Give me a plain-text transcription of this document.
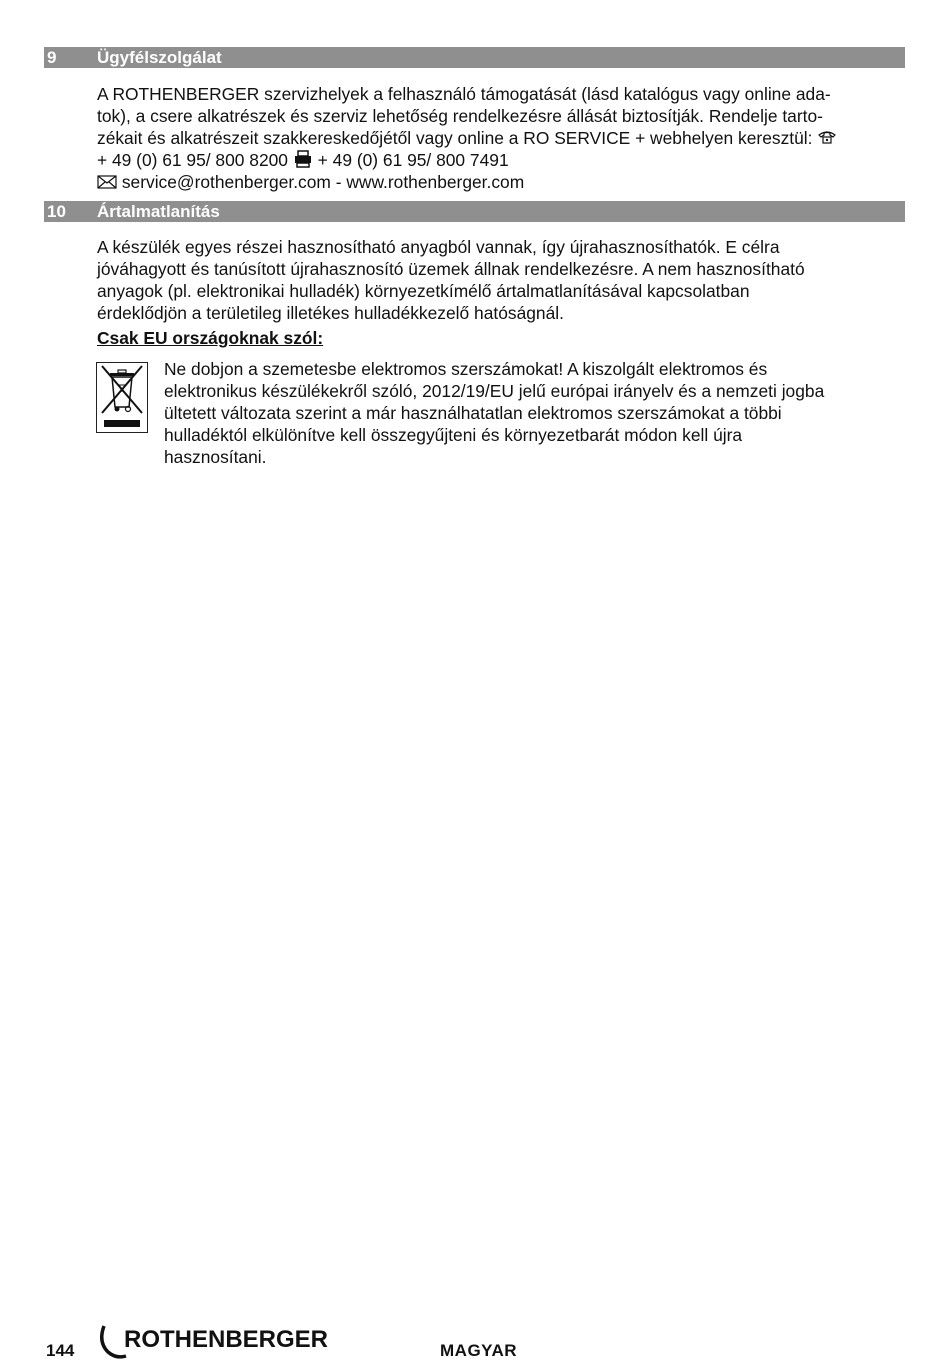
9 Ügyfélszolgálat
A ROTHENBERGER szervizhelyek a felhasználó támogatását (lásd katalógus vagy online ada-
tok), a csere alkatrészek és szerviz lehetőség rendelkezésre állását biztosítják. Rendelje tarto-
zékait és alkatrészeit szakkereskedőjétől vagy online a RO SERVICE + webhelyen keresztül:
+ 49 (0) 61 95/ 800 8200 + 49 (0) 61 95/ 800 7491
service@rothenberger.com - www.rothenberger.com
10 Ártalmatlanítás
A készülék egyes részei hasznosítható anyagból vannak, így újrahasznosíthatók. E célra
jóváhagyott és tanúsított újrahasznosító üzemek állnak rendelkezésre. A nem hasznosítható
anyagok (pl. elektronikai hulladék) környezetkímélő ártalmatlanításával kapcsolatban
érdeklődjön a területileg illetékes hulladékkezelő hatóságnál.
Csak EU országoknak szól:
Ne dobjon a szemetesbe elektromos szerszámokat! A kiszolgált elektromos és
elektronikus készülékekről szóló, 2012/19/EU jelű európai irányelv és a nemzeti jogba
ültetett változata szerint a már használhatatlan elektromos szerszámokat a többi
hulladéktól elkülönítve kell összegyűjteni és környezetbarát módon kell újra
hasznosítani.
144 ROTHENBERGER	MAGYAR
